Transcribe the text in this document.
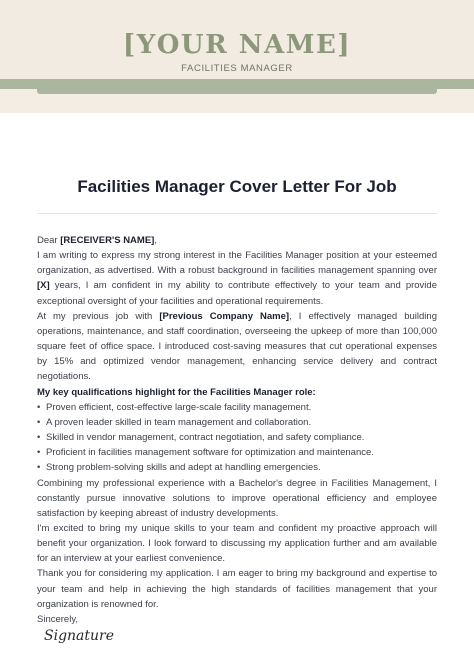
[YOUR NAME]
FACILITIES MANAGER
Facilities Manager Cover Letter For Job

Dear [RECEIVER'S NAME],

I am writing to express my strong interest in the Facilities Manager position at your esteemed organization, as advertised. With a robust background in facilities management spanning over [X] years, I am confident in my ability to contribute effectively to your team and provide exceptional oversight of your facilities and operational requirements.

At my previous job with [Previous Company Name], I effectively managed building operations, maintenance, and staff coordination, overseeing the upkeep of more than 100,000 square feet of office space. I introduced cost-saving measures that cut operational expenses by 15% and optimized vendor management, enhancing service delivery and contract negotiations.

My key qualifications highlight for the Facilities Manager role:

• Proven efficient, cost-effective large-scale facility management.
• A proven leader skilled in team management and collaboration.
• Skilled in vendor management, contract negotiation, and safety compliance.
• Proficient in facilities management software for optimization and maintenance.
• Strong problem-solving skills and adept at handling emergencies.

Combining my professional experience with a Bachelor's degree in Facilities Management, I constantly pursue innovative solutions to improve operational efficiency and employee satisfaction by keeping abreast of industry developments.

I'm excited to bring my unique skills to your team and confident my proactive approach will benefit your organization. I look forward to discussing my application further and am available for an interview at your earliest convenience.

Thank you for considering my application. I am eager to bring my background and expertise to your team and help in achieving the high standards of facilities management that your organization is renowned for.

Sincerely,

Signature
